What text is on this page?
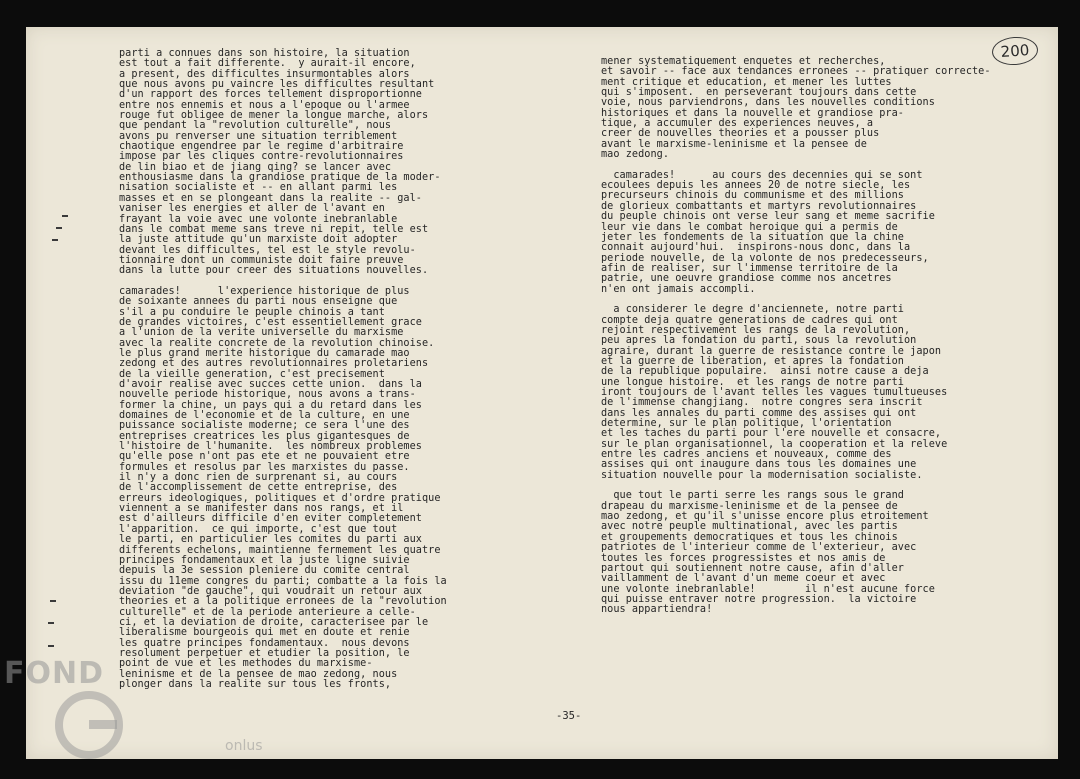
200

parti a connues dans son histoire, la situation
est tout a fait differente.  y aurait-il encore,
a present, des difficultes insurmontables alors
que nous avons pu vaincre les difficultes resultant
d'un rapport des forces tellement disproportionne
entre nos ennemis et nous a l'epoque ou l'armee
rouge fut obligee de mener la longue marche, alors
que pendant la "revolution culturelle", nous
avons pu renverser une situation terriblement
chaotique engendree par le regime d'arbitraire
impose par les cliques contre-revolutionnaires
de lin biao et de jiang qing? se lancer avec
enthousiasme dans la grandiose pratique de la moder-
nisation socialiste et -- en allant parmi les
masses et en se plongeant dans la realite -- gal-
vaniser les energies et aller de l'avant en
frayant la voie avec une volonte inebranlable
dans le combat meme sans treve ni repit, telle est
la juste attitude qu'un marxiste doit adopter
devant les difficultes, tel est le style revolu-
tionnaire dont un communiste doit faire preuve
dans la lutte pour creer des situations nouvelles.

camarades!      l'experience historique de plus
de soixante annees du parti nous enseigne que
s'il a pu conduire le peuple chinois a tant
de grandes victoires, c'est essentiellement grace
a l'union de la verite universelle du marxisme
avec la realite concrete de la revolution chinoise.
le plus grand merite historique du camarade mao
zedong et des autres revolutionnaires proletariens
de la vieille generation, c'est precisement
d'avoir realise avec succes cette union.  dans la
nouvelle periode historique, nous avons a trans-
former la chine, un pays qui a du retard dans les
domaines de l'economie et de la culture, en une
puissance socialiste moderne; ce sera l'une des
entreprises creatrices les plus gigantesques de
l'histoire de l'humanite.  les nombreux problemes
qu'elle pose n'ont pas ete et ne pouvaient etre
formules et resolus par les marxistes du passe.
il n'y a donc rien de surprenant si, au cours
de l'accomplissement de cette entreprise, des
erreurs ideologiques, politiques et d'ordre pratique
viennent a se manifester dans nos rangs, et il
est d'ailleurs difficile d'en eviter completement
l'apparition.  ce qui importe, c'est que tout
le parti, en particulier les comites du parti aux
differents echelons, maintienne fermement les quatre
principes fondamentaux et la juste ligne suivie
depuis la 3e session pleniere du comite central
issu du 11eme congres du parti; combatte a la fois la
deviation "de gauche", qui voudrait un retour aux
theories et a la politique erronees de la "revolution
culturelle" et de la periode anterieure a celle-
ci, et la deviation de droite, caracterisee par le
liberalisme bourgeois qui met en doute et renie
les quatre principes fondamentaux.  nous devons
resolument perpetuer et etudier la position, le
point de vue et les methodes du marxisme-
leninisme et de la pensee de mao zedong, nous
plonger dans la realite sur tous les fronts,

mener systematiquement enquetes et recherches,
et savoir -- face aux tendances erronees -- pratiquer correcte-
ment critique et education, et mener les luttes
qui s'imposent.  en perseverant toujours dans cette
voie, nous parviendrons, dans les nouvelles conditions
historiques et dans la nouvelle et grandiose pra-
tique, a accumuler des experiences neuves, a
creer de nouvelles theories et a pousser plus
avant le marxisme-leninisme et la pensee de
mao zedong.

camarades!      au cours des decennies qui se sont
ecoulees depuis les annees 20 de notre siecle, les
precurseurs chinois du communisme et des millions
de glorieux combattants et martyrs revolutionnaires
du peuple chinois ont verse leur sang et meme sacrifie
leur vie dans le combat heroique qui a permis de
jeter les fondements de la situation que la chine
connait aujourd'hui.  inspirons-nous donc, dans la
periode nouvelle, de la volonte de nos predecesseurs,
afin de realiser, sur l'immense territoire de la
patrie, une oeuvre grandiose comme nos ancetres
n'en ont jamais accompli.

a considerer le degre d'anciennete, notre parti
compte deja quatre generations de cadres qui ont
rejoint respectivement les rangs de la revolution,
peu apres la fondation du parti, sous la revolution
agraire, durant la guerre de resistance contre le japon
et la guerre de liberation, et apres la fondation
de la republique populaire.  ainsi notre cause a deja
une longue histoire.  et les rangs de notre parti
iront toujours de l'avant telles les vagues tumultueuses
de l'immense changjiang.  notre congres sera inscrit
dans les annales du parti comme des assises qui ont
determine, sur le plan politique, l'orientation
et les taches du parti pour l'ere nouvelle et consacre,
sur le plan organisationnel, la cooperation et la releve
entre les cadres anciens et nouveaux, comme des
assises qui ont inaugure dans tous les domaines une
situation nouvelle pour la modernisation socialiste.

que tout le parti serre les rangs sous le grand
drapeau du marxisme-leninisme et de la pensee de
mao zedong, et qu'il s'unisse encore plus etroitement
avec notre peuple multinational, avec les partis
et groupements democratiques et tous les chinois
patriotes de l'interieur comme de l'exterieur, avec
toutes les forces progressistes et nos amis de
partout qui soutiennent notre cause, afin d'aller
vaillamment de l'avant d'un meme coeur et avec
une volonte inebranlable!        il n'est aucune force
qui puisse entraver notre progression.  la victoire
nous appartiendra!

-35-
FOND
onlus
